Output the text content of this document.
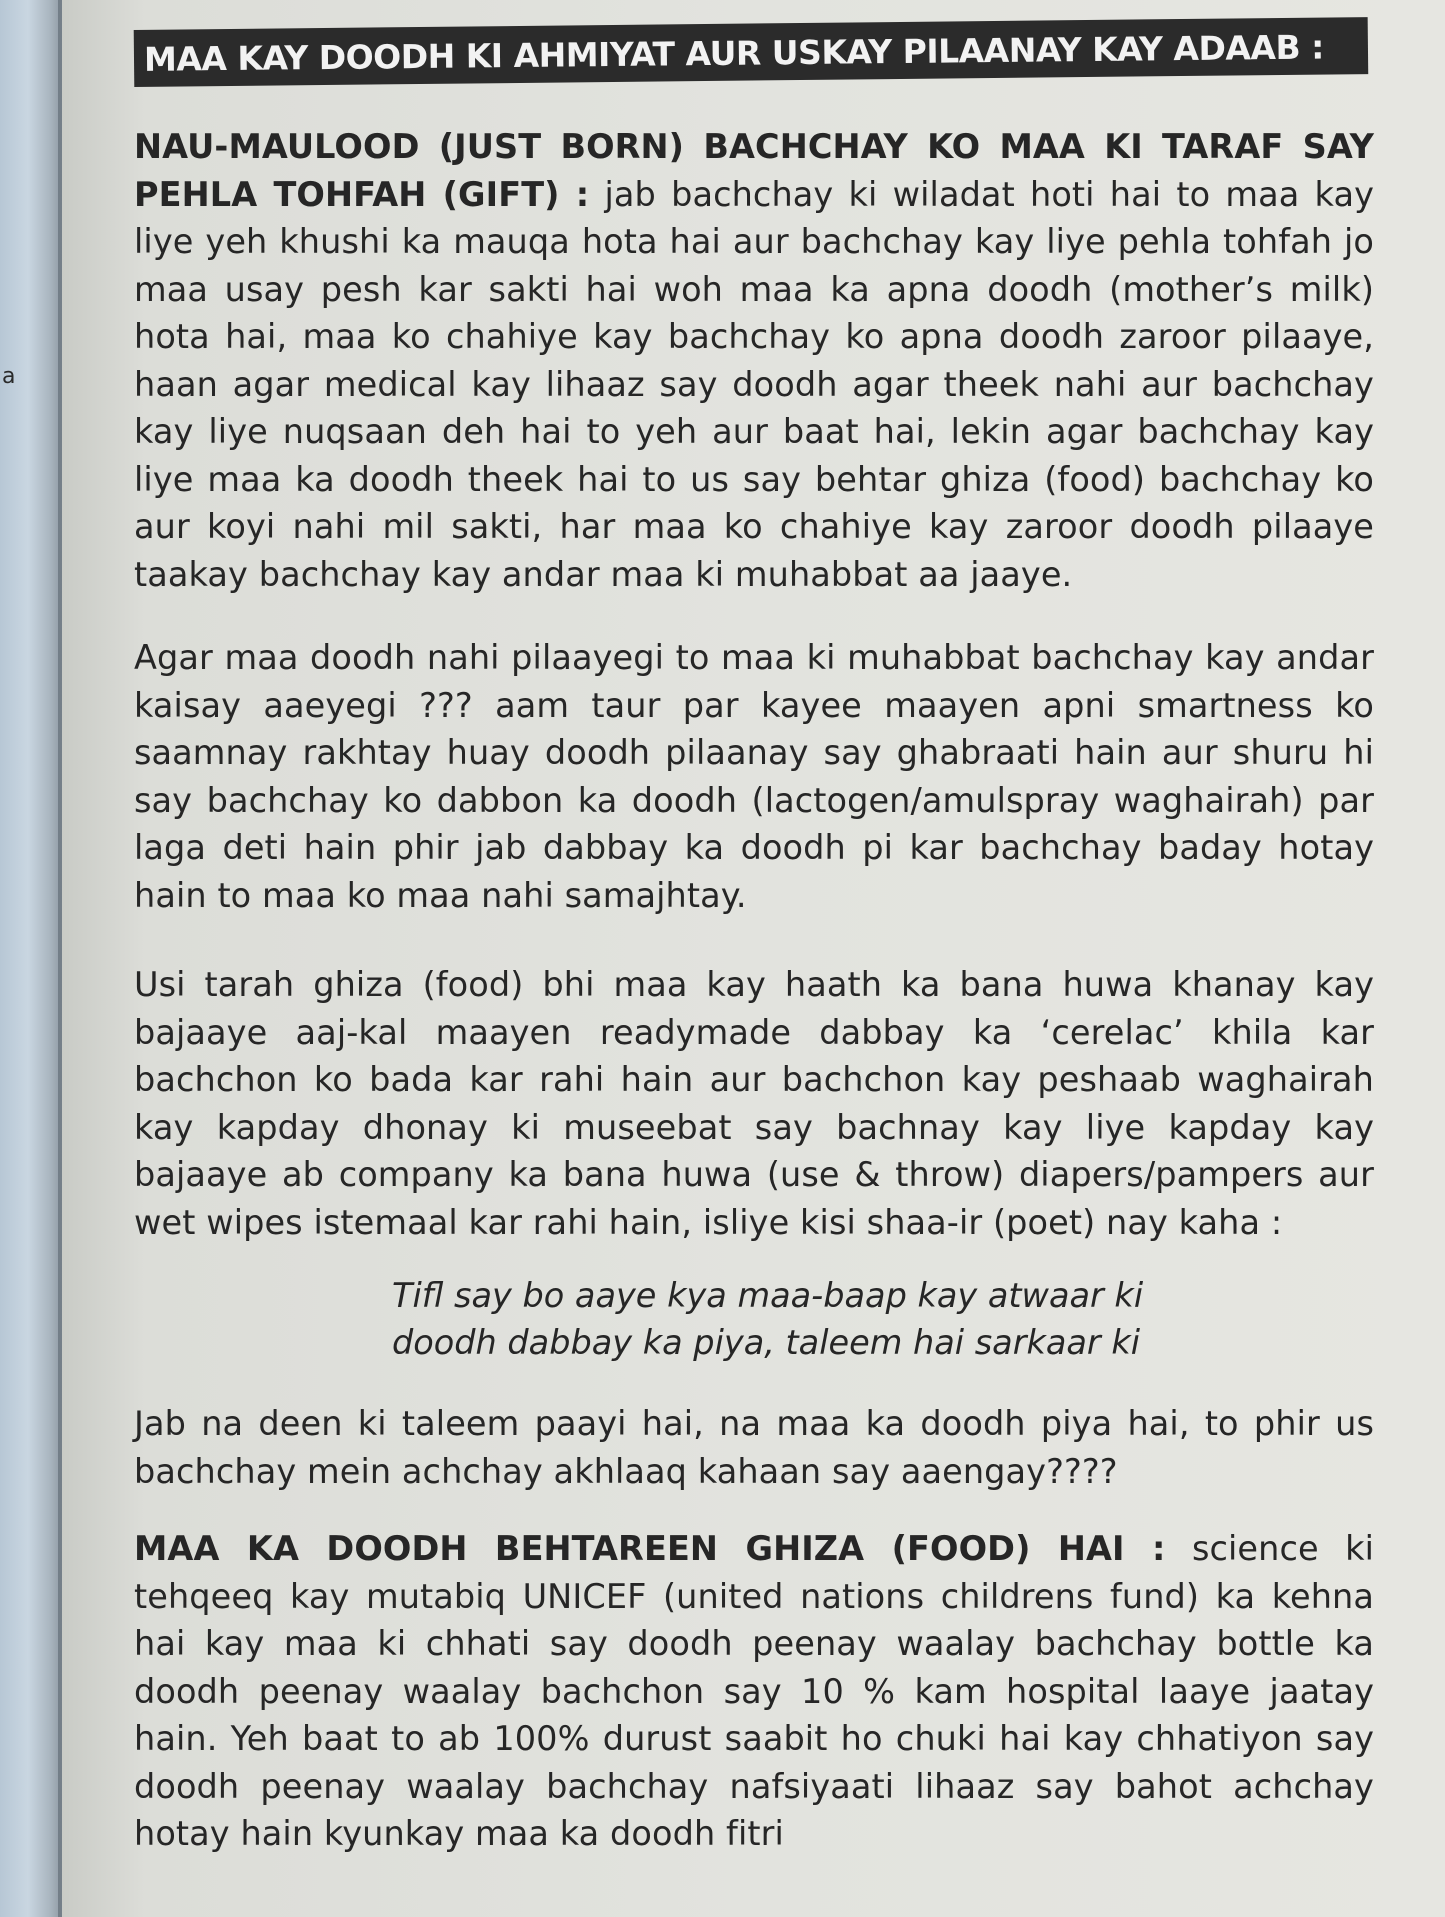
a
MAA KAY DOODH KI AHMIYAT AUR USKAY PILAANAY KAY ADAAB :

NAU-MAULOOD (JUST BORN) BACHCHAY KO MAA KI TARAF SAY PEHLA TOHFAH (GIFT) : jab bachchay ki wiladat hoti hai to maa kay liye yeh khushi ka mauqa hota hai aur bachchay kay liye pehla tohfah jo maa usay pesh kar sakti hai woh maa ka apna doodh (mother’s milk) hota hai, maa ko chahiye kay bachchay ko apna doodh zaroor pilaaye, haan agar medical kay lihaaz say doodh agar theek nahi aur bachchay kay liye nuqsaan deh hai to yeh aur baat hai, lekin agar bachchay kay liye maa ka doodh theek hai to us say behtar ghiza (food) bachchay ko aur koyi nahi mil sakti, har maa ko chahiye kay zaroor doodh pilaaye taakay bachchay kay andar maa ki muhabbat aa jaaye.

Agar maa doodh nahi pilaayegi to maa ki muhabbat bachchay kay andar kaisay aaeyegi ??? aam taur par kayee maayen apni smartness ko saamnay rakhtay huay doodh pilaanay say ghabraati hain aur shuru hi say bachchay ko dabbon ka doodh (lactogen/amulspray waghairah) par laga deti hain phir jab dabbay ka doodh pi kar bachchay baday hotay hain to maa ko maa nahi samajhtay.

Usi tarah ghiza (food) bhi maa kay haath ka bana huwa khanay kay bajaaye aaj-kal maayen readymade dabbay ka ‘cerelac’ khila kar bachchon ko bada kar rahi hain aur bachchon kay peshaab waghairah kay kapday dhonay ki museebat say bachnay kay liye kapday kay bajaaye ab company ka bana huwa (use & throw) diapers/pampers aur wet wipes istemaal kar rahi hain, isliye kisi shaa-ir (poet) nay kaha :

Tifl say bo aaye kya maa-baap kay atwaar ki
doodh dabbay ka piya, taleem hai sarkaar ki

Jab na deen ki taleem paayi hai, na maa ka doodh piya hai, to phir us bachchay mein achchay akhlaaq kahaan say aaengay????

MAA KA DOODH BEHTAREEN GHIZA (FOOD) HAI : science ki tehqeeq kay mutabiq UNICEF (united nations childrens fund) ka kehna hai kay maa ki chhati say doodh peenay waalay bachchay bottle ka doodh peenay waalay bachchon say 10 % kam hospital laaye jaatay hain. Yeh baat to ab 100% durust saabit ho chuki hai kay chhatiyon say doodh peenay waalay bachchay nafsiyaati lihaaz say bahot achchay hotay hain kyunkay maa ka doodh fitri
